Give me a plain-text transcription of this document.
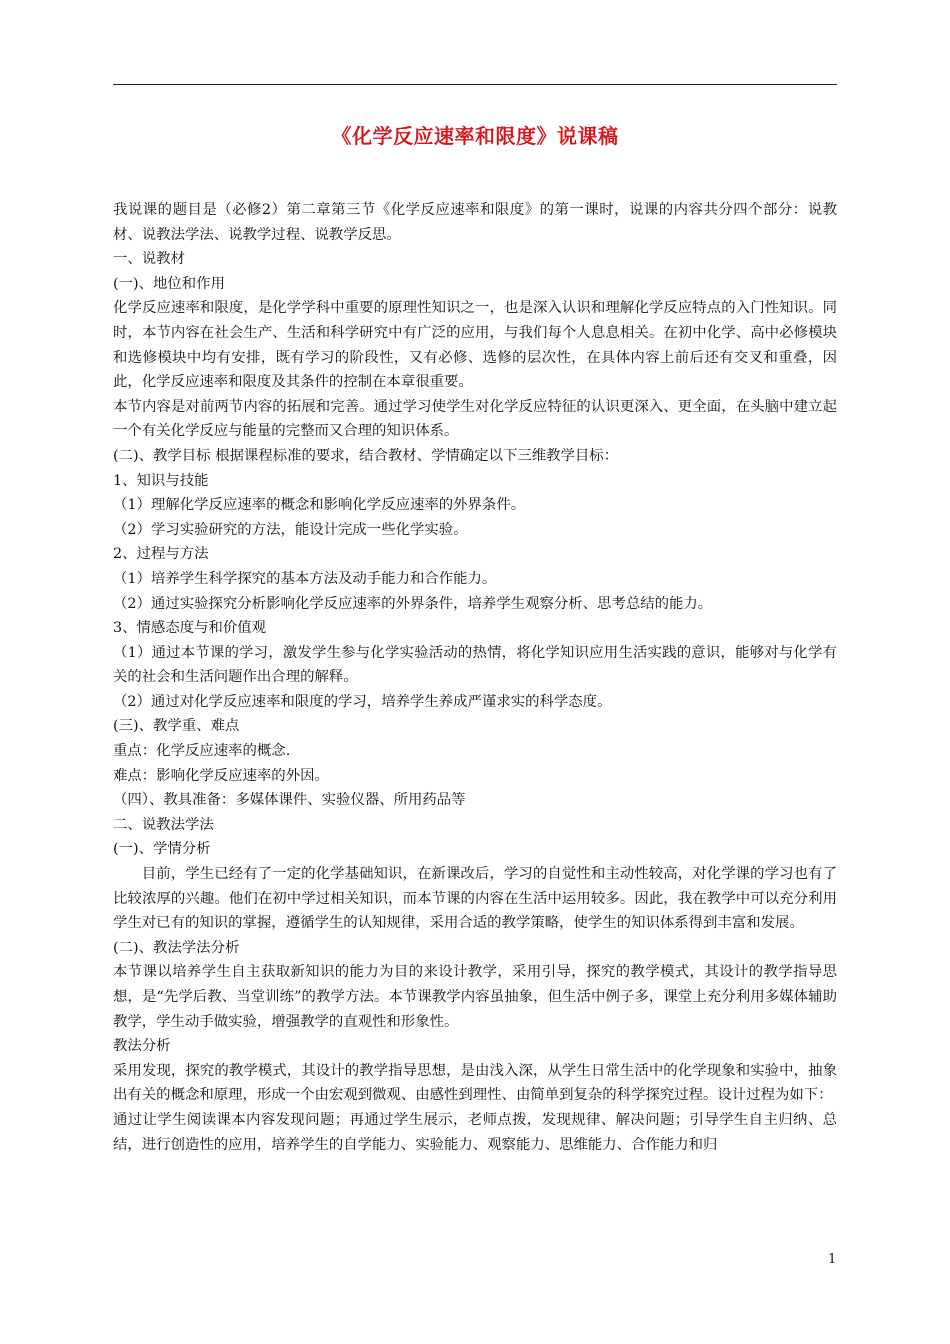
《化学反应速率和限度》说课稿

我说课的题目是（必修2）第二章第三节《化学反应速率和限度》的第一课时，说课的内容共分四个部分：说教材、说教法学法、说教学过程、说教学反思。

一、说教材

(一)、地位和作用

化学反应速率和限度，是化学学科中重要的原理性知识之一，也是深入认识和理解化学反应特点的入门性知识。同时，本节内容在社会生产、生活和科学研究中有广泛的应用，与我们每个人息息相关。在初中化学、高中必修模块和选修模块中均有安排，既有学习的阶段性，又有必修、选修的层次性，在具体内容上前后还有交叉和重叠，因此，化学反应速率和限度及其条件的控制在本章很重要。

本节内容是对前两节内容的拓展和完善。通过学习使学生对化学反应特征的认识更深入、更全面，在头脑中建立起一个有关化学反应与能量的完整而又合理的知识体系。

(二)、教学目标 根据课程标准的要求，结合教材、学情确定以下三维教学目标：

1、知识与技能

（1）理解化学反应速率的概念和影响化学反应速率的外界条件。

（2）学习实验研究的方法，能设计完成一些化学实验。

2、过程与方法

（1）培养学生科学探究的基本方法及动手能力和合作能力。

（2）通过实验探究分析影响化学反应速率的外界条件，培养学生观察分析、思考总结的能力。

3、情感态度与和价值观

（1）通过本节课的学习，激发学生参与化学实验活动的热情，将化学知识应用生活实践的意识，能够对与化学有关的社会和生活问题作出合理的解释。

（2）通过对化学反应速率和限度的学习，培养学生养成严谨求实的科学态度。

(三)、教学重、难点

重点：化学反应速率的概念.

难点：影响化学反应速率的外因。

（四）、教具准备：多媒体课件、实验仪器、所用药品等

二、说教法学法

(一)、学情分析

目前，学生已经有了一定的化学基础知识，在新课改后，学习的自觉性和主动性较高，对化学课的学习也有了比较浓厚的兴趣。他们在初中学过相关知识，而本节课的内容在生活中运用较多。因此，我在教学中可以充分利用学生对已有的知识的掌握，遵循学生的认知规律，采用合适的教学策略，使学生的知识体系得到丰富和发展。

(二)、教法学法分析

本节课以培养学生自主获取新知识的能力为目的来设计教学，采用引导，探究的教学模式，其设计的教学指导思想，是“先学后教、当堂训练”的教学方法。本节课教学内容虽抽象，但生活中例子多，课堂上充分利用多媒体辅助教学，学生动手做实验，增强教学的直观性和形象性。

教法分析

采用发现，探究的教学模式，其设计的教学指导思想，是由浅入深，从学生日常生活中的化学现象和实验中，抽象出有关的概念和原理，形成一个由宏观到微观、由感性到理性、由简单到复杂的科学探究过程。设计过程为如下：

通过让学生阅读课本内容发现问题；再通过学生展示，老师点拨，发现规律、解决问题；引导学生自主归纳、总结，进行创造性的应用，培养学生的自学能力、实验能力、观察能力、思维能力、合作能力和归

1
